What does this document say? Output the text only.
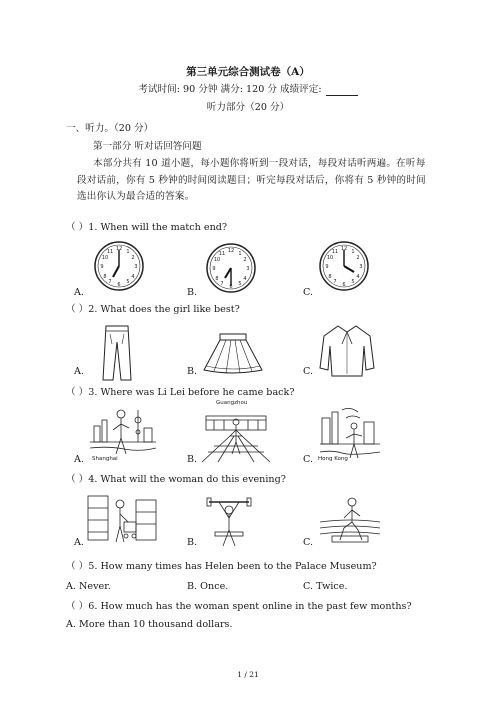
第三单元综合测试卷（A）
考试时间: 90 分钟 满分: 120 分 成绩评定:
听力部分（20 分）
一、听力。（20 分）
第一部分 听对话回答问题
本部分共有 10 道小题，每小题你将听到一段对话，每段对话听两遍。在听每段对话前，你有 5 秒钟的时间阅读题目；听完每段对话后，你将有 5 秒钟的时间选出你认为最合适的答案。
（ ）1. When will the match end?
A.	B.	C.
12
3
6
9
1
2
4
5
7
8
10
11	12
3
6
9
1
2
4
5
7
8
10
11
12
3
6
9
1
2
4
5
7
8
10
11
（ ）2. What does the girl like best?
A.	B.	C.
（ ）3. Where was Li Lei before he came back?
A.	B.	C.
Shanghai
Guangzhou
Hong Kong
（ ）4. What will the woman do this evening?
A.	B.	C.
（ ）5. How many times has Helen been to the Palace Museum?
A. Never.	B. Once.	C. Twice.
（ ）6. How much has the woman spent online in the past few months?
A. More than 10 thousand dollars.
1 / 21
